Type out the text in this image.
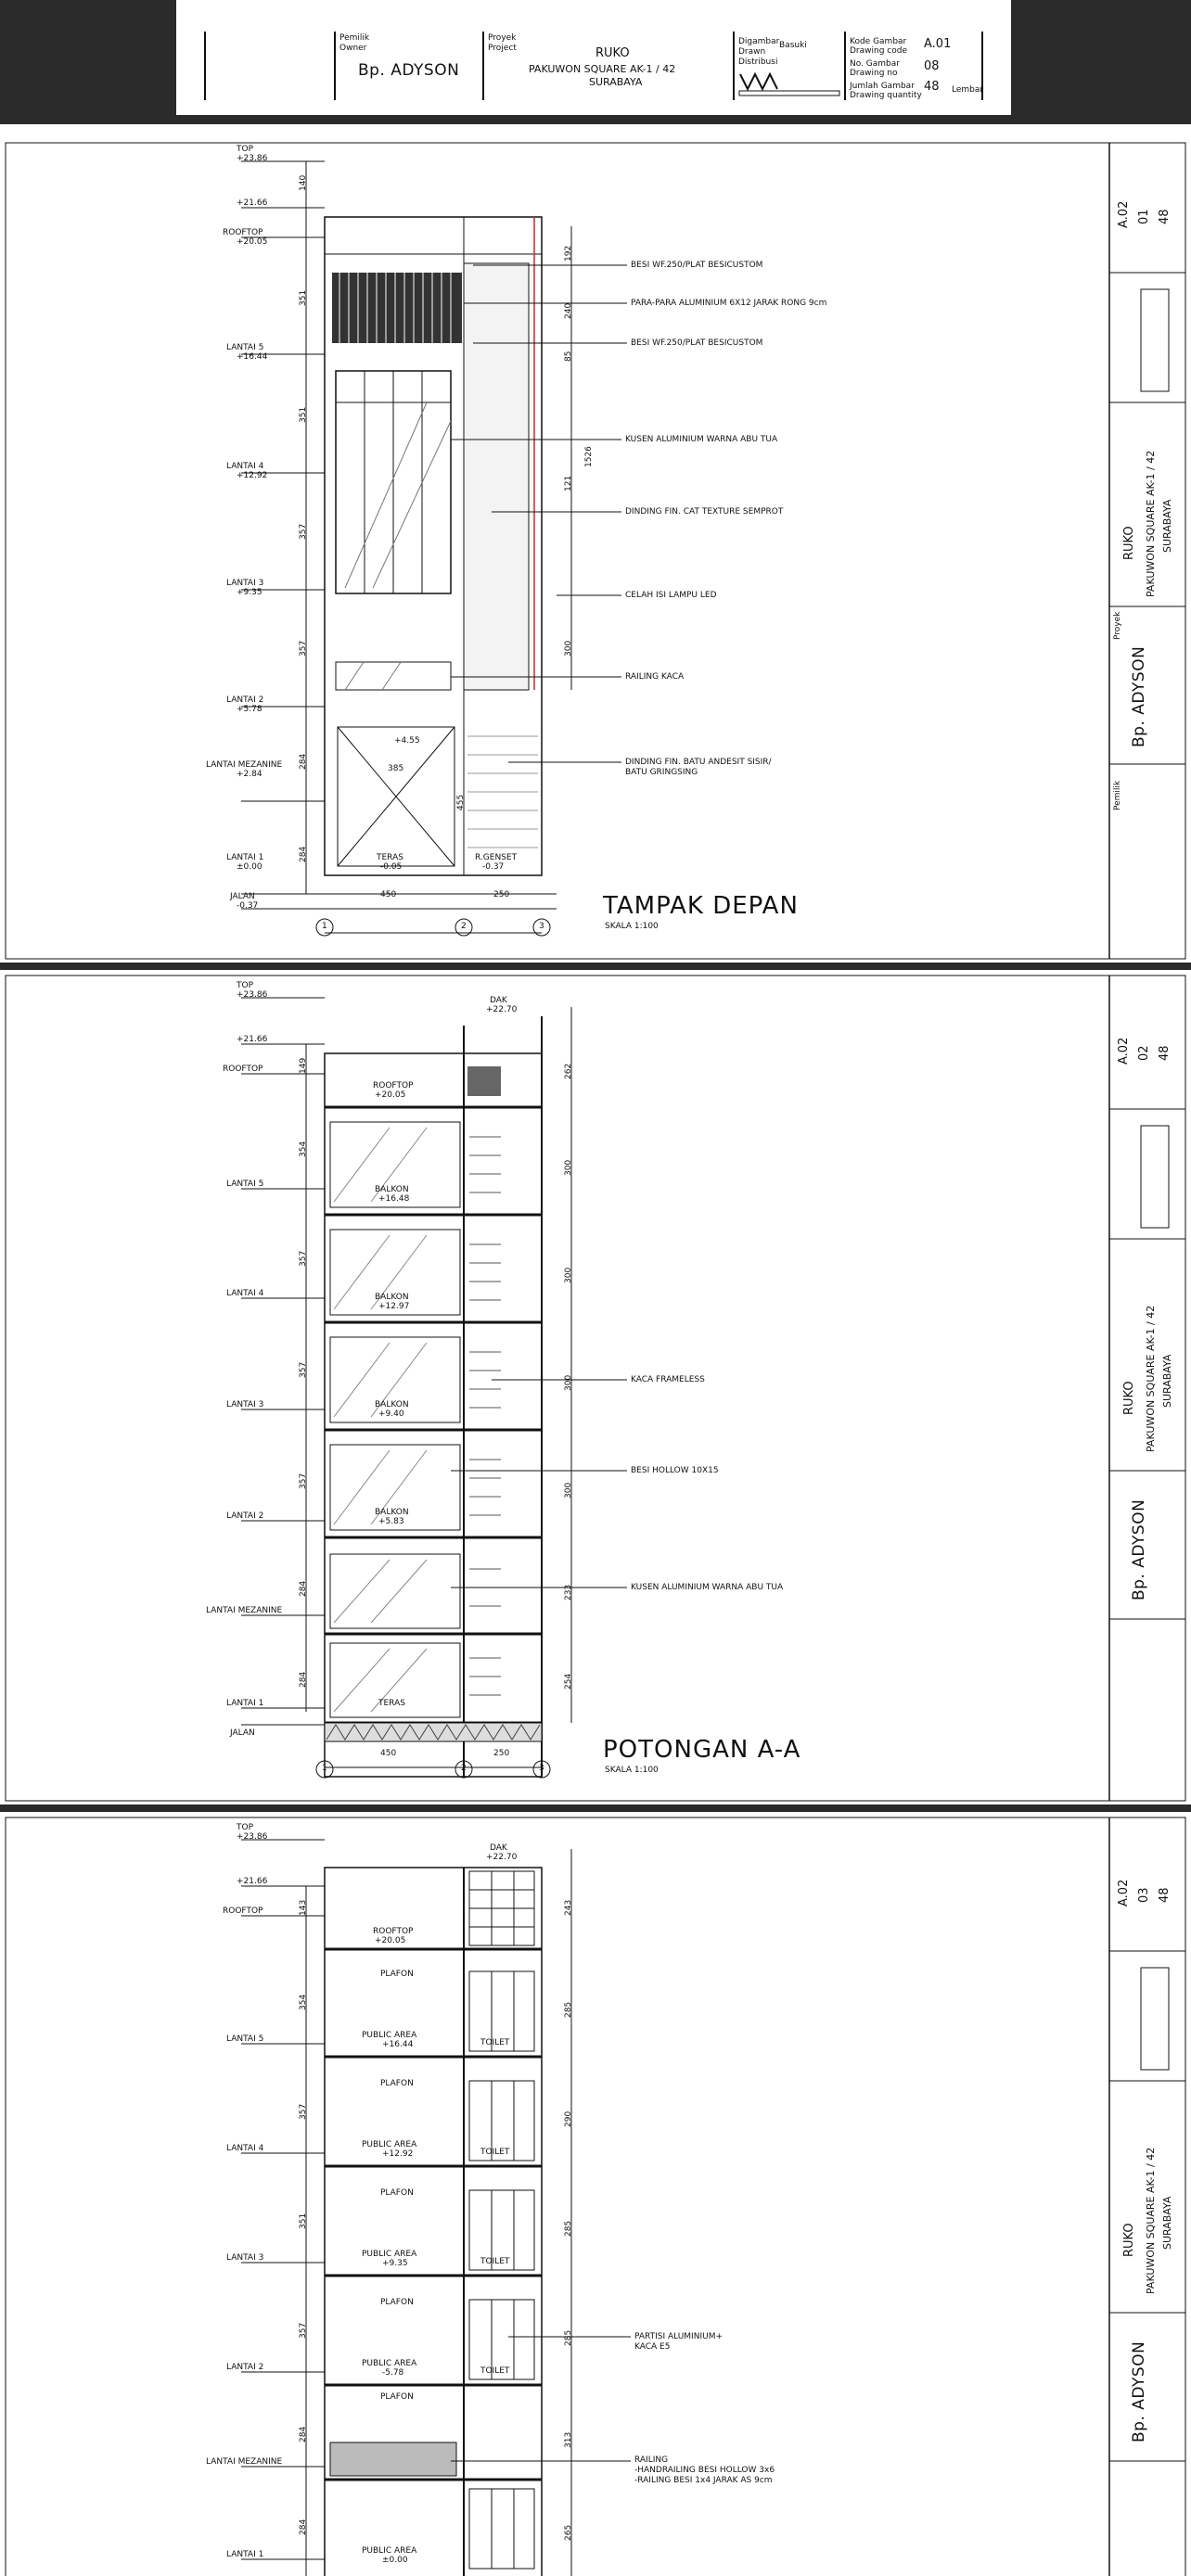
Pemilik
Owner
Bp. ADYSON
Proyek
Project	RUKO
PAKUWON SQUARE AK-1 / 42
SURABAYA
Digambar Basuki
Drawn
Distribusi
Kode Gambar
Drawing code A.01
No. Gambar
Drawing no 08
Jumlah Gambar
Drawing quantity
48 Lembar
TOP
+23.86
+21.66
ROOFTOP
+20.05
LANTAI 5
+16.44
LANTAI 4
+12.92
LANTAI 3
+9.35
LANTAI 2
+5.78
LANTAI MEZANINE
+2.84
LANTAI 1
±0.00
JALAN
-0.37
140
351
351
357
357
284
284
192
240
85
1526
121
300
BESI WF.250/PLAT BESICUSTOM
PARA-PARA ALUMINIUM 6X12 JARAK RONG 9cm
BESI WF.250/PLAT BESICUSTOM
KUSEN ALUMINIUM WARNA ABU TUA
DINDING FIN. CAT TEXTURE SEMPROT
CELAH ISI LAMPU LED
RAILING KACA
DINDING FIN. BATU ANDESIT SISIR/
BATU GRINGSING
+4.55
385
455
TERAS
-0.05
R.GENSET
-0.37
450	250
1	2	3
TAMPAK DEPAN
SKALA 1:100
A.02 01 48
RUKO PAKUWON SQUARE AK-1 / 42 SURABAYA
Proyek
Bp. ADYSON
Pemilik
TOP
+23.86
+21.66
ROOFTOP
LANTAI 5
LANTAI 4
LANTAI 3
LANTAI 2
LANTAI MEZANINE
LANTAI 1
JALAN
DAK
+22.70
ROOFTOP
+20.05
BALKON
+16.48
BALKON
+12.97
BALKON
+9.40
BALKON
+5.83
TERAS
KACA FRAMELESS
BESI HOLLOW 10X15
KUSEN ALUMINIUM WARNA ABU TUA
262
300
300
300
300
233
254
149
354
357
357
357
284
284
450	250
1	2	3
POTONGAN A-A
SKALA 1:100
A.02 02 48
RUKO PAKUWON SQUARE AK-1 / 42 SURABAYA
Bp. ADYSON
TOP
+23.86
+21.66
ROOFTOP
LANTAI 5
LANTAI 4
LANTAI 3
LANTAI 2
LANTAI MEZANINE
LANTAI 1
DAK
+22.70
ROOFTOP
+20.05
PLAFON
PUBLIC AREA
+16.44
PLAFON
PUBLIC AREA
+12.92
PLAFON
PUBLIC AREA
+9.35
PLAFON
PUBLIC AREA
-5.78
PLAFON
PUBLIC AREA
±0.00
TOILET
TOILET
TOILET
TOILET
PARTISI ALUMINIUM+
KACA E5
RAILING
-HANDRAILING BESI HOLLOW 3x6
-RAILING BESI 1x4 JARAK AS 9cm
243
285
290
285
285
313
265
143
354
357
351
357
284
284
A.02 03 48
RUKO PAKUWON SQUARE AK-1 / 42 SURABAYA
Bp. ADYSON
